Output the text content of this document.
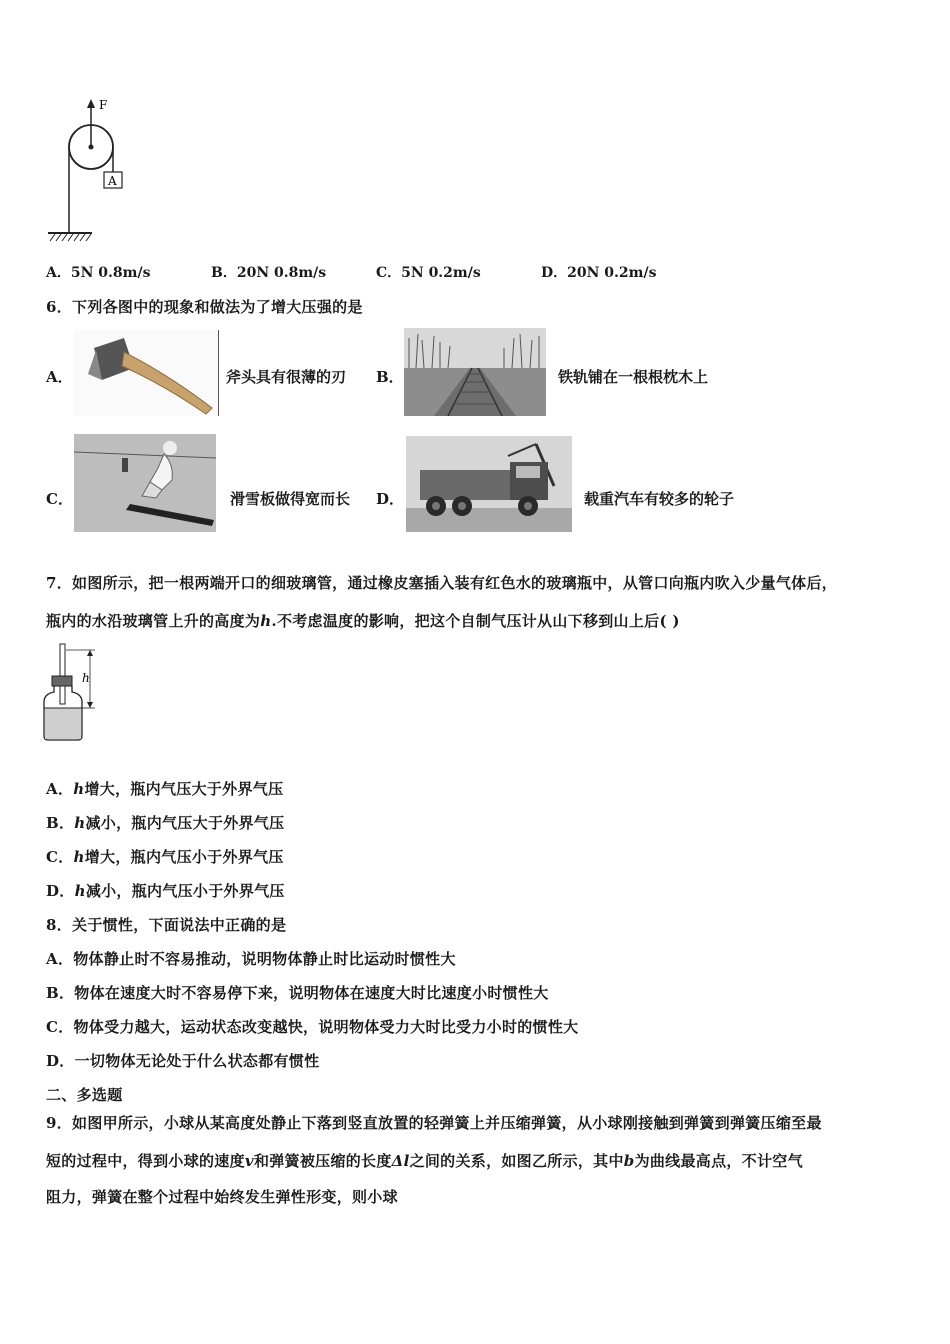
F
A
A．5N 0.8m/s	B．20N 0.8m/s	C．5N 0.2m/s	D．20N 0.2m/s
6．下列各图中的现象和做法为了增大压强的是
A．	斧头具有很薄的刃 B．	铁轨铺在一根根枕木上
C．	滑雪板做得宽而长 D．	载重汽车有较多的轮子
7．如图所示，把一根两端开口的细玻璃管，通过橡皮塞插入装有红色水的玻璃瓶中，从管口向瓶内吹入少量气体后，
瓶内的水沿玻璃管上升的高度为h.不考虑温度的影响，把这个自制气压计从山下移到山上后( )
h
A．h增大，瓶内气压大于外界气压
B．h减小，瓶内气压大于外界气压
C．h增大，瓶内气压小于外界气压
D．h减小，瓶内气压小于外界气压
8．关于惯性，下面说法中正确的是
A．物体静止时不容易推动，说明物体静止时比运动时惯性大
B．物体在速度大时不容易停下来，说明物体在速度大时比速度小时惯性大
C．物体受力越大，运动状态改变越快，说明物体受力大时比受力小时的惯性大
D．一切物体无论处于什么状态都有惯性
二、多选题
9．如图甲所示，小球从某高度处静止下落到竖直放置的轻弹簧上并压缩弹簧，从小球刚接触到弹簧到弹簧压缩至最
短的过程中，得到小球的速度v和弹簧被压缩的长度Δl之间的关系，如图乙所示，其中b为曲线最高点，不计空气
阻力，弹簧在整个过程中始终发生弹性形变，则小球
